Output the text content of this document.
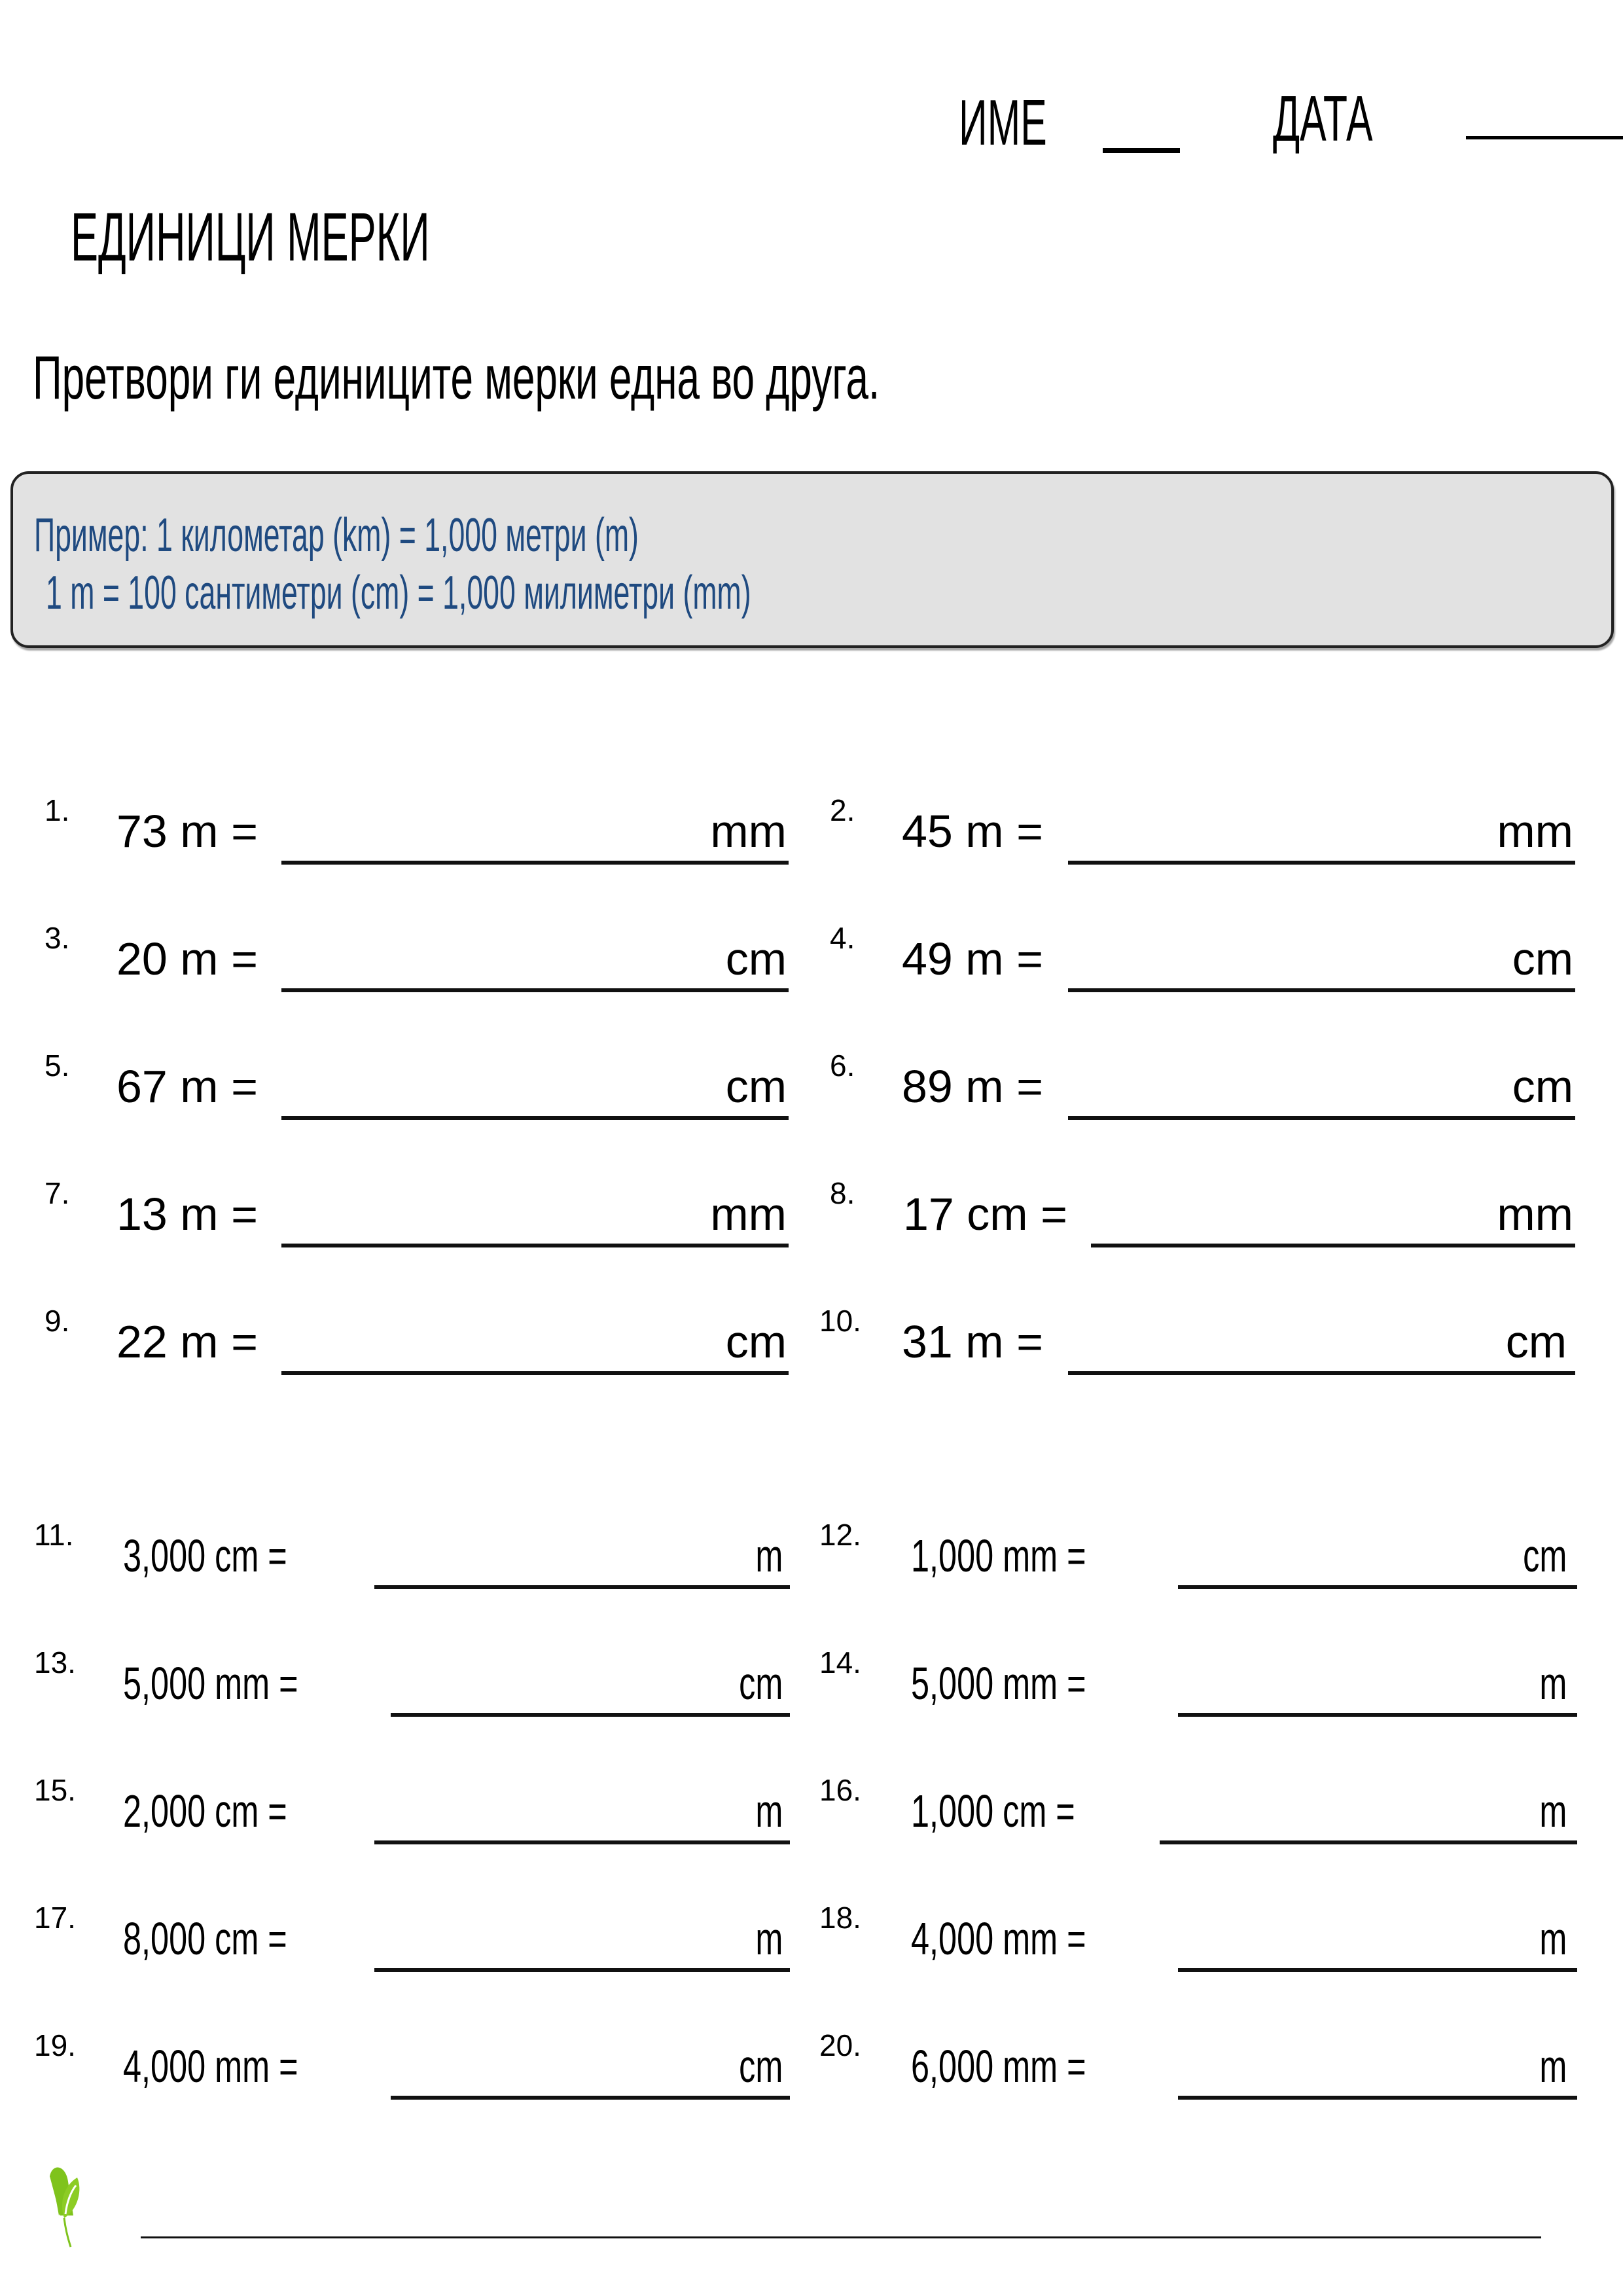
ИМЕ	ДАТА
ЕДИНИЦИ МЕРКИ
Претвори ги единиците мерки една во друга.
Пример: 1 километар (km) = 1,000 метри (m)
1 m = 100 сантиметри (cm) = 1,000 милиметри (mm)
1. 73 m =	mm 2. 45 m =	mm
3. 20 m =	cm 4. 49 m =	cm
5. 67 m =	cm 6. 89 m =	cm
7. 13 m =	mm 8. 17 cm =	mm
9. 22 m =	cm 10. 31 m =	cm
11. 3,000 cm =	m 12. 1,000 mm =	cm
13. 5,000 mm =	cm 14. 5,000 mm =	m
15. 2,000 cm =	m 16. 1,000 cm =	m
17. 8,000 cm =	m 18. 4,000 mm =	m
19. 4,000 mm =	cm 20. 6,000 mm =	m
